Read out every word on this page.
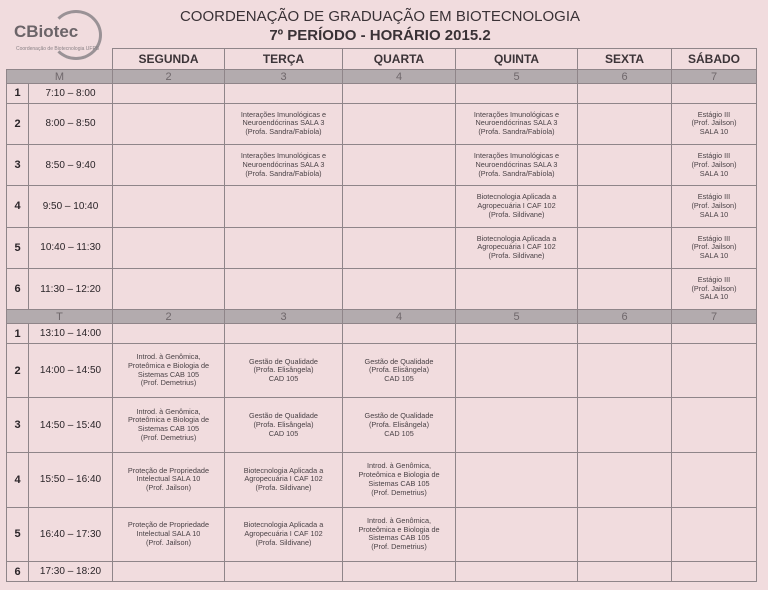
CBiotec
Coordenação de Biotecnologia UFPB
COORDENAÇÃO DE GRADUAÇÃO EM BIOTECNOLOGIA
7º PERÍODO - HORÁRIO 2015.2
		SEGUNDA	TERÇA	QUARTA	QUINTA	SEXTA	SÁBADO
M		2	3	4	5	6	7
1	7:10 – 8:00						
2	8:00 – 8:50		Interações Imunológicas e
Neuroendócrinas SALA 3
(Profa. Sandra/Fabíola)		Interações Imunológicas e
Neuroendócrinas SALA 3
(Profa. Sandra/Fabíola)		Estágio III
(Prof. Jailson)
SALA 10

3	8:50 – 9:40		Interações Imunológicas e
Neuroendócrinas SALA 3
(Profa. Sandra/Fabíola)		Interações Imunológicas e
Neuroendócrinas SALA 3
(Profa. Sandra/Fabíola)		Estágio III
(Prof. Jailson)
SALA 10

4	9:50 – 10:40				Biotecnologia Aplicada a
Agropecuária I CAF 102
(Profa. Sildivane)		Estágio III
(Prof. Jailson)
SALA 10

5	10:40 – 11:30				Biotecnologia Aplicada a
Agropecuária I CAF 102
(Profa. Sildivane)		Estágio III
(Prof. Jailson)
SALA 10

6	11:30 – 12:20						Estágio III
(Prof. Jailson)
SALA 10

T		2	3	4	5	6	7
1	13:10 – 14:00						
2	14:00 – 14:50	Introd. à Genômica,
Proteômica e Biologia de
Sistemas CAB 105
(Prof. Demetrius)	Gestão de Qualidade
(Profa. Elisângela)
CAD 105	Gestão de Qualidade
(Profa. Elisângela)
CAD 105			

3	14:50 – 15:40	Introd. à Genômica,
Proteômica e Biologia de
Sistemas CAB 105
(Prof. Demetrius)	Gestão de Qualidade
(Profa. Elisângela)
CAD 105	Gestão de Qualidade
(Profa. Elisângela)
CAD 105			

4	15:50 – 16:40	Proteção de Propriedade
Intelectual SALA 10
(Prof. Jailson)	Biotecnologia Aplicada a
Agropecuária I CAF 102
(Profa. Sildivane)	Introd. à Genômica,
Proteômica e Biologia de
Sistemas CAB 105
(Prof. Demetrius)			

5	16:40 – 17:30	Proteção de Propriedade
Intelectual SALA 10
(Prof. Jailson)	Biotecnologia Aplicada a
Agropecuária I CAF 102
(Profa. Sildivane)	Introd. à Genômica,
Proteômica e Biologia de
Sistemas CAB 105
(Prof. Demetrius)			

6	17:30 – 18:20						
